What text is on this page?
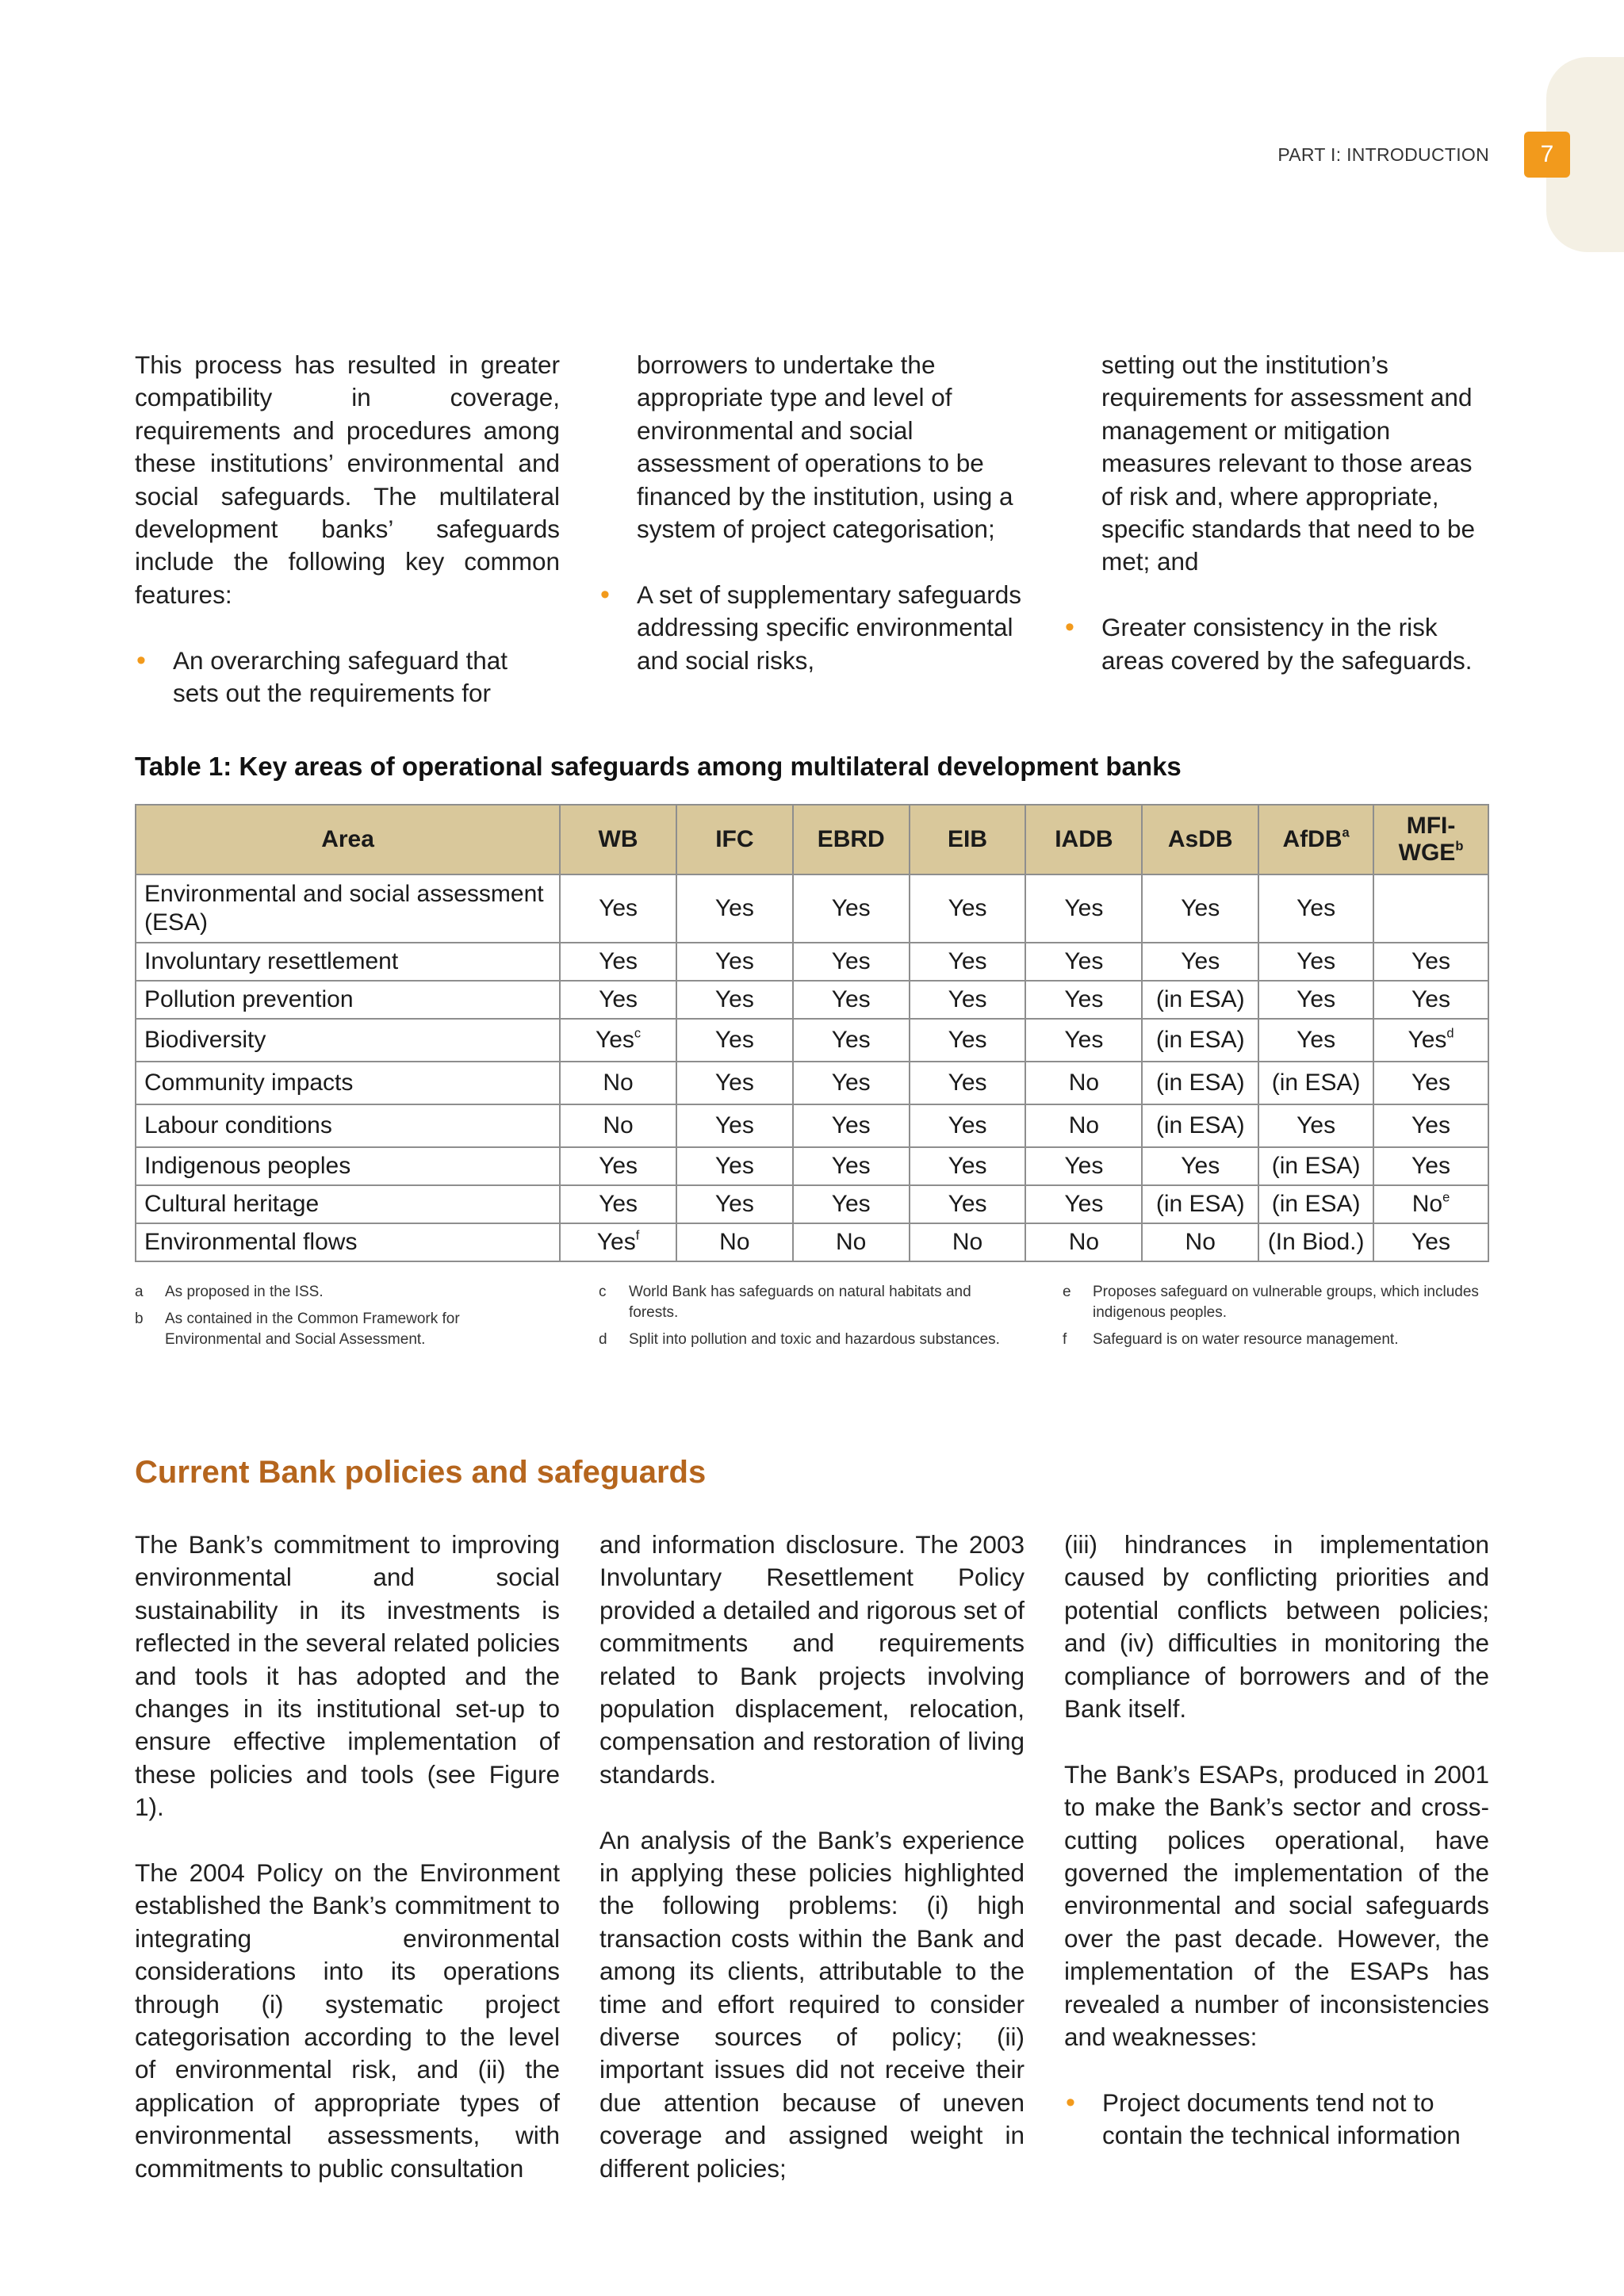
PART I: INTRODUCTION	7

This process has resulted in greater compatibility in coverage, requirements and procedures among these institutions’ environmental and social safeguards. The multilateral development banks’ safeguards include the following key common features:

• An overarching safeguard that sets out the requirements for
borrowers to undertake the appropriate type and level of environmental and social assessment of operations to be financed by the institution, using a system of project categorisation;
• A set of supplementary safeguards addressing specific environmental and social risks,
setting out the institution’s requirements for assessment and management or mitigation measures relevant to those areas of risk and, where appropriate, specific standards that need to be met; and
• Greater consistency in the risk areas covered by the safeguards.
Table 1: Key areas of operational safeguards among multilateral development banks
Area	WB	IFC	EBRD	EIB	IADB	AsDB	AfDB$^a$	MFI-WGE$^b$
Environmental and social assessment (ESA)	Yes	Yes	Yes	Yes	Yes	Yes	Yes	
Involuntary resettlement	Yes	Yes	Yes	Yes	Yes	Yes	Yes	Yes
Pollution prevention	Yes	Yes	Yes	Yes	Yes	(in ESA)	Yes	Yes
Biodiversity	Yes$^c$	Yes	Yes	Yes	Yes	(in ESA)	Yes	Yes$^d$
Community impacts	No	Yes	Yes	Yes	No	(in ESA)	(in ESA)	Yes
Labour conditions	No	Yes	Yes	Yes	No	(in ESA)	Yes	Yes
Indigenous peoples	Yes	Yes	Yes	Yes	Yes	Yes	(in ESA)	Yes
Cultural heritage	Yes	Yes	Yes	Yes	Yes	(in ESA)	(in ESA)	No$^e$
Environmental flows	Yes$^f$	No	No	No	No	No	(In Biod.)	Yes
a	As proposed in the ISS.
b	As contained in the Common Framework for Environmental and Social Assessment.
c	World Bank has safeguards on natural habitats and forests.
d	Split into pollution and toxic and hazardous substances.
e	Proposes safeguard on vulnerable groups, which includes indigenous peoples.
f	Safeguard is on water resource management.
Current Bank policies and safeguards

The Bank’s commitment to improving environmental and social sustainability in its investments is reflected in the several related policies and tools it has adopted and the changes in its institutional set-up to ensure effective implementation of these policies and tools (see Figure 1).

The 2004 Policy on the Environment established the Bank’s commitment to integrating environmental considerations into its operations through (i) systematic project categorisation according to the level of environmental risk, and (ii) the application of appropriate types of environmental assessments, with commitments to public consultation

and information disclosure. The 2003 Involuntary Resettlement Policy provided a detailed and rigorous set of commitments and requirements related to Bank projects involving population displacement, relocation, compensation and restoration of living standards.

An analysis of the Bank’s experience in applying these policies highlighted the following problems: (i) high transaction costs within the Bank and among its clients, attributable to the time and effort required to consider diverse sources of policy; (ii) important issues did not receive their due attention because of uneven coverage and assigned weight in different policies;

(iii) hindrances in implementation caused by conflicting priorities and potential conflicts between policies; and (iv) difficulties in monitoring the compliance of borrowers and of the Bank itself.

The Bank’s ESAPs, produced in 2001 to make the Bank’s sector and cross-cutting polices operational, have governed the implementation of the environmental and social safeguards over the past decade. However, the implementation of the ESAPs has revealed a number of inconsistencies and weaknesses:

• Project documents tend not to contain the technical information
